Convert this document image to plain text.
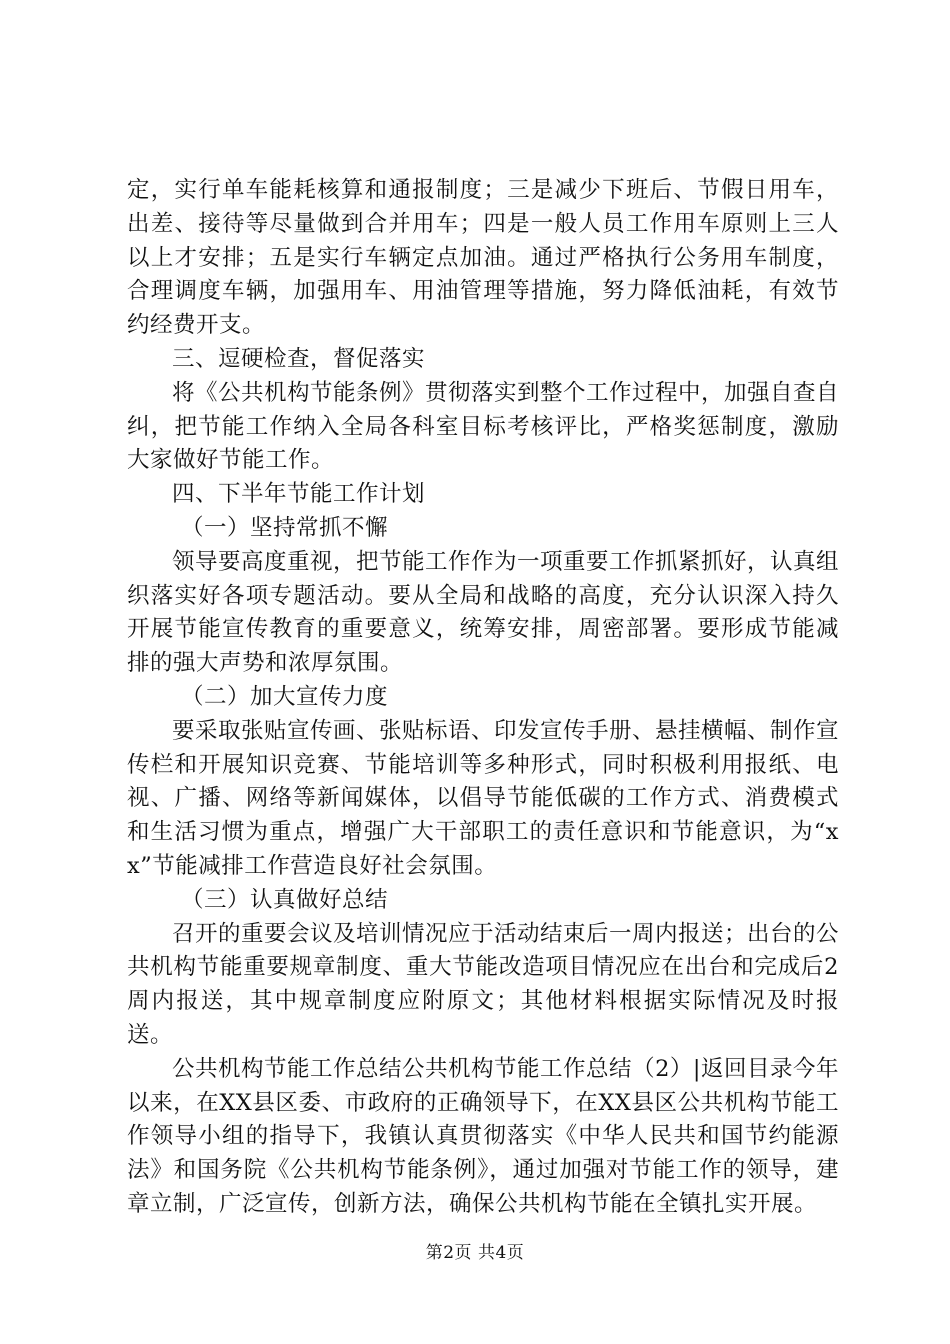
定，实行单车能耗核算和通报制度；三是减少下班后、节假日用车，出差、接待等尽量做到合并用车；四是一般人员工作用车原则上三人以上才安排；五是实行车辆定点加油。通过严格执行公务用车制度，合理调度车辆，加强用车、用油管理等措施，努力降低油耗，有效节约经费开支。

三、逗硬检查，督促落实

将《公共机构节能条例》贯彻落实到整个工作过程中，加强自查自纠，把节能工作纳入全局各科室目标考核评比，严格奖惩制度，激励大家做好节能工作。

四、下半年节能工作计划

（一）坚持常抓不懈

领导要高度重视，把节能工作作为一项重要工作抓紧抓好，认真组织落实好各项专题活动。要从全局和战略的高度，充分认识深入持久开展节能宣传教育的重要意义，统筹安排，周密部署。要形成节能减排的强大声势和浓厚氛围。

（二）加大宣传力度

要采取张贴宣传画、张贴标语、印发宣传手册、悬挂横幅、制作宣传栏和开展知识竞赛、节能培训等多种形式，同时积极利用报纸、电视、广播、网络等新闻媒体，以倡导节能低碳的工作方式、消费模式和生活习惯为重点，增强广大干部职工的责任意识和节能意识，为“xx”节能减排工作营造良好社会氛围。

（三）认真做好总结

召开的重要会议及培训情况应于活动结束后一周内报送；出台的公共机构节能重要规章制度、重大节能改造项目情况应在出台和完成后2周内报送，其中规章制度应附原文；其他材料根据实际情况及时报送。

公共机构节能工作总结公共机构节能工作总结（2）|返回目录今年以来，在XX县区委、市政府的正确领导下，在XX县区公共机构节能工作领导小组的指导下，我镇认真贯彻落实《中华人民共和国节约能源法》和国务院《公共机构节能条例》，通过加强对节能工作的领导，建章立制，广泛宣传，创新方法，确保公共机构节能在全镇扎实开展。

第2页 共4页
